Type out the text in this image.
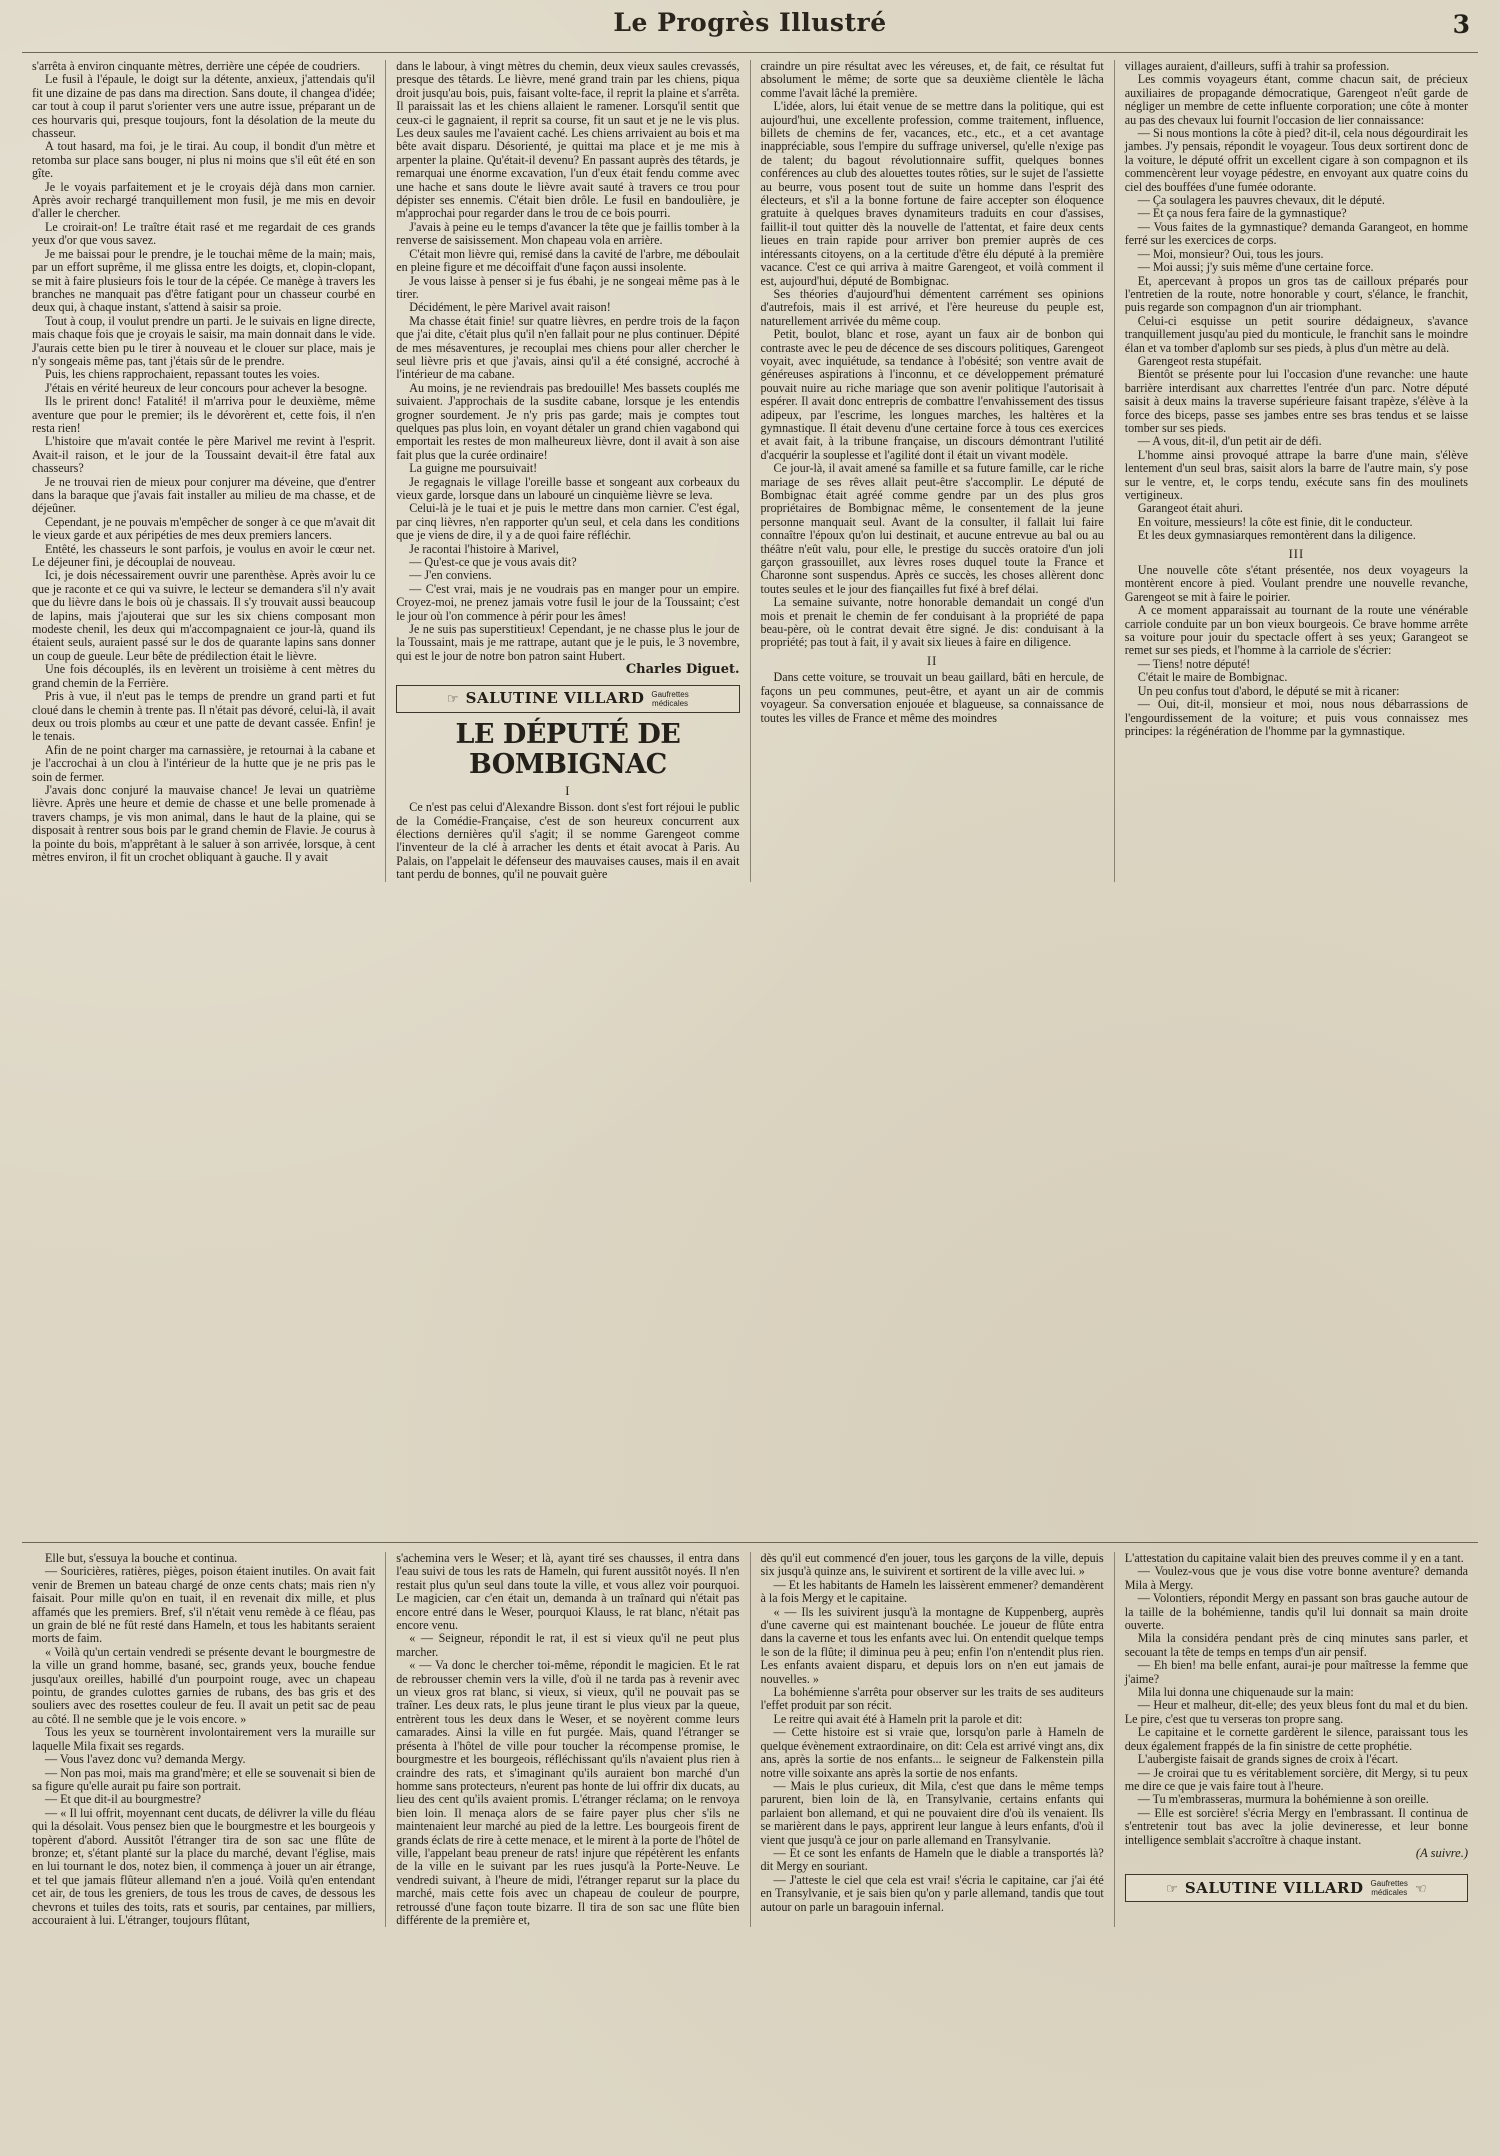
Le Progrès Illustré	3

s'arrêta à environ cinquante mètres, derrière une cépée de coudriers.

Le fusil à l'épaule, le doigt sur la détente, anxieux, j'attendais qu'il fit une dizaine de pas dans ma direction. Sans doute, il changea d'idée; car tout à coup il parut s'orienter vers une autre issue, préparant un de ces hourvaris qui, presque toujours, font la désolation de la meute du chasseur.

A tout hasard, ma foi, je le tirai. Au coup, il bondit d'un mètre et retomba sur place sans bouger, ni plus ni moins que s'il eût été en son gîte.

Je le voyais parfaitement et je le croyais déjà dans mon carnier. Après avoir rechargé tranquillement mon fusil, je me mis en devoir d'aller le chercher.

Le croirait-on! Le traître était rasé et me regardait de ces grands yeux d'or que vous savez.

Je me baissai pour le prendre, je le touchai même de la main; mais, par un effort suprême, il me glissa entre les doigts, et, clopin-clopant, se mit à faire plusieurs fois le tour de la cépée. Ce manège à travers les branches ne manquait pas d'être fatigant pour un chasseur courbé en deux qui, à chaque instant, s'attend à saisir sa proie.

Tout à coup, il voulut prendre un parti. Je le suivais en ligne directe, mais chaque fois que je croyais le saisir, ma main donnait dans le vide. J'aurais cette bien pu le tirer à nouveau et le clouer sur place, mais je n'y songeais même pas, tant j'étais sûr de le prendre.

Puis, les chiens rapprochaient, repassant toutes les voies.

J'étais en vérité heureux de leur concours pour achever la besogne.

Ils le prirent donc! Fatalité! il m'arriva pour le deuxième, même aventure que pour le premier; ils le dévorèrent et, cette fois, il n'en resta rien!

L'histoire que m'avait contée le père Marivel me revint à l'esprit. Avait-il raison, et le jour de la Toussaint devait-il être fatal aux chasseurs?

Je ne trouvai rien de mieux pour conjurer ma déveine, que d'entrer dans la baraque que j'avais fait installer au milieu de ma chasse, et de déjeûner.

Cependant, je ne pouvais m'empêcher de songer à ce que m'avait dit le vieux garde et aux péripéties de mes deux premiers lancers.

Entêté, les chasseurs le sont parfois, je voulus en avoir le cœur net. Le déjeuner fini, je découplai de nouveau.

Ici, je dois nécessairement ouvrir une parenthèse. Après avoir lu ce que je raconte et ce qui va suivre, le lecteur se demandera s'il n'y avait que du lièvre dans le bois où je chassais. Il s'y trouvait aussi beaucoup de lapins, mais j'ajouterai que sur les six chiens composant mon modeste chenil, les deux qui m'accompagnaient ce jour-là, quand ils étaient seuls, auraient passé sur le dos de quarante lapins sans donner un coup de gueule. Leur bête de prédilection était le lièvre.

Une fois découplés, ils en levèrent un troisième à cent mètres du grand chemin de la Ferrière.

Pris à vue, il n'eut pas le temps de prendre un grand parti et fut cloué dans le chemin à trente pas. Il n'était pas dévoré, celui-là, il avait deux ou trois plombs au cœur et une patte de devant cassée. Enfin! je le tenais.

Afin de ne point charger ma carnassière, je retournai à la cabane et je l'accrochai à un clou à l'intérieur de la hutte que je ne pris pas le soin de fermer.

J'avais donc conjuré la mauvaise chance! Je levai un quatrième lièvre. Après une heure et demie de chasse et une belle promenade à travers champs, je vis mon animal, dans le haut de la plaine, qui se disposait à rentrer sous bois par le grand chemin de Flavie. Je courus à la pointe du bois, m'apprêtant à le saluer à son arrivée, lorsque, à cent mètres environ, il fit un crochet obliquant à gauche. Il y avait

dans le labour, à vingt mètres du chemin, deux vieux saules crevassés, presque des têtards. Le lièvre, mené grand train par les chiens, piqua droit jusqu'au bois, puis, faisant volte-face, il reprit la plaine et s'arrêta. Il paraissait las et les chiens allaient le ramener. Lorsqu'il sentit que ceux-ci le gagnaient, il reprit sa course, fit un saut et je ne le vis plus. Les deux saules me l'avaient caché. Les chiens arrivaient au bois et ma bête avait disparu. Désorienté, je quittai ma place et je me mis à arpenter la plaine. Qu'était-il devenu? En passant auprès des têtards, je remarquai une énorme excavation, l'un d'eux était fendu comme avec une hache et sans doute le lièvre avait sauté à travers ce trou pour dépister ses ennemis. C'était bien drôle. Le fusil en bandoulière, je m'approchai pour regarder dans le trou de ce bois pourri.

J'avais à peine eu le temps d'avancer la tête que je faillis tomber à la renverse de saisissement. Mon chapeau vola en arrière.

C'était mon lièvre qui, remisé dans la cavité de l'arbre, me déboulait en pleine figure et me décoiffait d'une façon aussi insolente.

Je vous laisse à penser si je fus ébahi, je ne songeai même pas à le tirer.

Décidément, le père Marivel avait raison!

Ma chasse était finie! sur quatre lièvres, en perdre trois de la façon que j'ai dite, c'était plus qu'il n'en fallait pour ne plus continuer. Dépité de mes mésaventures, je recouplai mes chiens pour aller chercher le seul lièvre pris et que j'avais, ainsi qu'il a été consigné, accroché à l'intérieur de ma cabane.

Au moins, je ne reviendrais pas bredouille! Mes bassets couplés me suivaient. J'approchais de la susdite cabane, lorsque je les entendis grogner sourdement. Je n'y pris pas garde; mais je comptes tout quelques pas plus loin, en voyant détaler un grand chien vagabond qui emportait les restes de mon malheureux lièvre, dont il avait à son aise fait plus que la curée ordinaire!

La guigne me poursuivait!

Je regagnais le village l'oreille basse et songeant aux corbeaux du vieux garde, lorsque dans un labouré un cinquième lièvre se leva.

Celui-là je le tuai et je puis le mettre dans mon carnier. C'est égal, par cinq lièvres, n'en rapporter qu'un seul, et cela dans les conditions que je viens de dire, il y a de quoi faire réfléchir.

Je racontai l'histoire à Marivel,

— Qu'est-ce que je vous avais dit?

— J'en conviens.

— C'est vrai, mais je ne voudrais pas en manger pour un empire. Croyez-moi, ne prenez jamais votre fusil le jour de la Toussaint; c'est le jour où l'on commence à périr pour les âmes!

Je ne suis pas superstitieux! Cependant, je ne chasse plus le jour de la Toussaint, mais je me rattrape, autant que je le puis, le 3 novembre, qui est le jour de notre bon patron saint Hubert.

Charles Diguet.

☞ SALUTINE VILLARD Gaufrettes
médicales
LE DÉPUTÉ DE BOMBIGNAC
I

Ce n'est pas celui d'Alexandre Bisson. dont s'est fort réjoui le public de la Comédie-Française, c'est de son heureux concurrent aux élections dernières qu'il s'agit; il se nomme Garengeot comme l'inventeur de la clé à arracher les dents et était avocat à Paris. Au Palais, on l'appelait le défenseur des mauvaises causes, mais il en avait tant perdu de bonnes, qu'il ne pouvait guère

craindre un pire résultat avec les véreuses, et, de fait, ce résultat fut absolument le même; de sorte que sa deuxième clientèle le lâcha comme l'avait lâché la première.

L'idée, alors, lui était venue de se mettre dans la politique, qui est aujourd'hui, une excellente profession, comme traitement, influence, billets de chemins de fer, vacances, etc., etc., et a cet avantage inappréciable, sous l'empire du suffrage universel, qu'elle n'exige pas de talent; du bagout révolutionnaire suffit, quelques bonnes conférences au club des alouettes toutes rôties, sur le sujet de l'assiette au beurre, vous posent tout de suite un homme dans l'esprit des électeurs, et s'il a la bonne fortune de faire accepter son éloquence gratuite à quelques braves dynamiteurs traduits en cour d'assises, faillit-il tout quitter dès la nouvelle de l'attentat, et faire deux cents lieues en train rapide pour arriver bon premier auprès de ces intéressants citoyens, on a la certitude d'être élu député à la première vacance. C'est ce qui arriva à maitre Garengeot, et voilà comment il est, aujourd'hui, député de Bombignac.

Ses théories d'aujourd'hui démentent carrément ses opinions d'autrefois, mais il est arrivé, et l'ère heureuse du peuple est, naturellement arrivée du même coup.

Petit, boulot, blanc et rose, ayant un faux air de bonbon qui contraste avec le peu de décence de ses discours politiques, Garengeot voyait, avec inquiétude, sa tendance à l'obésité; son ventre avait de généreuses aspirations à l'inconnu, et ce développement prématuré pouvait nuire au riche mariage que son avenir politique l'autorisait à espérer. Il avait donc entrepris de combattre l'envahissement des tissus adipeux, par l'escrime, les longues marches, les haltères et la gymnastique. Il était devenu d'une certaine force à tous ces exercices et avait fait, à la tribune française, un discours démontrant l'utilité d'acquérir la souplesse et l'agilité dont il était un vivant modèle.

Ce jour-là, il avait amené sa famille et sa future famille, car le riche mariage de ses rêves allait peut-être s'accomplir. Le député de Bombignac était agréé comme gendre par un des plus gros propriétaires de Bombignac même, le consentement de la jeune personne manquait seul. Avant de la consulter, il fallait lui faire connaître l'époux qu'on lui destinait, et aucune entrevue au bal ou au théâtre n'eût valu, pour elle, le prestige du succès oratoire d'un joli garçon grassouillet, aux lèvres roses duquel toute la France et Charonne sont suspendus. Après ce succès, les choses allèrent donc toutes seules et le jour des fiançailles fut fixé à bref délai.

La semaine suivante, notre honorable demandait un congé d'un mois et prenait le chemin de fer conduisant à la propriété de papa beau-père, où le contrat devait être signé. Je dis: conduisant à la propriété; pas tout à fait, il y avait six lieues à faire en diligence.

II

Dans cette voiture, se trouvait un beau gaillard, bâti en hercule, de façons un peu communes, peut-être, et ayant un air de commis voyageur. Sa conversation enjouée et blagueuse, sa connaissance de toutes les villes de France et même des moindres

villages auraient, d'ailleurs, suffi à trahir sa profession.

Les commis voyageurs étant, comme chacun sait, de précieux auxiliaires de propagande démocratique, Garengeot n'eût garde de négliger un membre de cette influente corporation; une côte à monter au pas des chevaux lui fournit l'occasion de lier connaissance:

— Si nous montions la côte à pied? dit-il, cela nous dégourdirait les jambes. J'y pensais, répondit le voyageur. Tous deux sortirent donc de la voiture, le député offrit un excellent cigare à son compagnon et ils commencèrent leur voyage pédestre, en envoyant aux quatre coins du ciel des bouffées d'une fumée odorante.

— Ça soulagera les pauvres chevaux, dit le député.

— Et ça nous fera faire de la gymnastique?

— Vous faites de la gymnastique? demanda Garangeot, en homme ferré sur les exercices de corps.

— Moi, monsieur? Oui, tous les jours.

— Moi aussi; j'y suis même d'une certaine force.

Et, apercevant à propos un gros tas de cailloux préparés pour l'entretien de la route, notre honorable y court, s'élance, le franchit, puis regarde son compagnon d'un air triomphant.

Celui-ci esquisse un petit sourire dédaigneux, s'avance tranquillement jusqu'au pied du monticule, le franchit sans le moindre élan et va tomber d'aplomb sur ses pieds, à plus d'un mètre au delà.

Garengeot resta stupéfait.

Bientôt se présente pour lui l'occasion d'une revanche: une haute barrière interdisant aux charrettes l'entrée d'un parc. Notre député saisit à deux mains la traverse supérieure faisant trapèze, s'élève à la force des biceps, passe ses jambes entre ses bras tendus et se laisse tomber sur ses pieds.

— A vous, dit-il, d'un petit air de défi.

L'homme ainsi provoqué attrape la barre d'une main, s'élève lentement d'un seul bras, saisit alors la barre de l'autre main, s'y pose sur le ventre, et, le corps tendu, exécute sans fin des moulinets vertigineux.

Garangeot était ahuri.

En voiture, messieurs! la côte est finie, dit le conducteur.

Et les deux gymnasiarques remontèrent dans la diligence.

III

Une nouvelle côte s'étant présentée, nos deux voyageurs la montèrent encore à pied. Voulant prendre une nouvelle revanche, Garengeot se mit à faire le poirier.

A ce moment apparaissait au tournant de la route une vénérable carriole conduite par un bon vieux bourgeois. Ce brave homme arrête sa voiture pour jouir du spectacle offert à ses yeux; Garangeot se remet sur ses pieds, et l'homme à la carriole de s'écrier:

— Tiens! notre député!

C'était le maire de Bombignac.

Un peu confus tout d'abord, le député se mit à ricaner:

— Oui, dit-il, monsieur et moi, nous nous débarrassions de l'engourdissement de la voiture; et puis vous connaissez mes principes: la régénération de l'homme par la gymnastique.

Elle but, s'essuya la bouche et continua.

— Souricières, ratières, pièges, poison étaient inutiles. On avait fait venir de Bremen un bateau chargé de onze cents chats; mais rien n'y faisait. Pour mille qu'on en tuait, il en revenait dix mille, et plus affamés que les premiers. Bref, s'il n'était venu remède à ce fléau, pas un grain de blé ne fût resté dans Hameln, et tous les habitants seraient morts de faim.

« Voilà qu'un certain vendredi se présente devant le bourgmestre de la ville un grand homme, basané, sec, grands yeux, bouche fendue jusqu'aux oreilles, habillé d'un pourpoint rouge, avec un chapeau pointu, de grandes culottes garnies de rubans, des bas gris et des souliers avec des rosettes couleur de feu. Il avait un petit sac de peau au côté. Il ne semble que je le vois encore. »

Tous les yeux se tournèrent involontairement vers la muraille sur laquelle Mila fixait ses regards.

— Vous l'avez donc vu? demanda Mergy.

— Non pas moi, mais ma grand'mère; et elle se souvenait si bien de sa figure qu'elle aurait pu faire son portrait.

— Et que dit-il au bourgmestre?

— « Il lui offrit, moyennant cent ducats, de délivrer la ville du fléau qui la désolait. Vous pensez bien que le bourgmestre et les bourgeois y topèrent d'abord. Aussitôt l'étranger tira de son sac une flûte de bronze; et, s'étant planté sur la place du marché, devant l'église, mais en lui tournant le dos, notez bien, il commença à jouer un air étrange, et tel que jamais flûteur allemand n'en a joué. Voilà qu'en entendant cet air, de tous les greniers, de tous les trous de caves, de dessous les chevrons et tuiles des toits, rats et souris, par centaines, par milliers, accouraient à lui. L'étranger, toujours flûtant,

s'achemina vers le Weser; et là, ayant tiré ses chausses, il entra dans l'eau suivi de tous les rats de Hameln, qui furent aussitôt noyés. Il n'en restait plus qu'un seul dans toute la ville, et vous allez voir pourquoi. Le magicien, car c'en était un, demanda à un traînard qui n'était pas encore entré dans le Weser, pourquoi Klauss, le rat blanc, n'était pas encore venu.

« — Seigneur, répondit le rat, il est si vieux qu'il ne peut plus marcher.

« — Va donc le chercher toi-même, répondit le magicien. Et le rat de rebrousser chemin vers la ville, d'où il ne tarda pas à revenir avec un vieux gros rat blanc, si vieux, si vieux, qu'il ne pouvait pas se traîner. Les deux rats, le plus jeune tirant le plus vieux par la queue, entrèrent tous les deux dans le Weser, et se noyèrent comme leurs camarades. Ainsi la ville en fut purgée. Mais, quand l'étranger se présenta à l'hôtel de ville pour toucher la récompense promise, le bourgmestre et les bourgeois, réfléchissant qu'ils n'avaient plus rien à craindre des rats, et s'imaginant qu'ils auraient bon marché d'un homme sans protecteurs, n'eurent pas honte de lui offrir dix ducats, au lieu des cent qu'ils avaient promis. L'étranger réclama; on le renvoya bien loin. Il menaça alors de se faire payer plus cher s'ils ne maintenaient leur marché au pied de la lettre. Les bourgeois firent de grands éclats de rire à cette menace, et le mirent à la porte de l'hôtel de ville, l'appelant beau preneur de rats! injure que répétèrent les enfants de la ville en le suivant par les rues jusqu'à la Porte-Neuve. Le vendredi suivant, à l'heure de midi, l'étranger reparut sur la place du marché, mais cette fois avec un chapeau de couleur de pourpre, retroussé d'une façon toute bizarre. Il tira de son sac une flûte bien différente de la première et,

dès qu'il eut commencé d'en jouer, tous les garçons de la ville, depuis six jusqu'à quinze ans, le suivirent et sortirent de la ville avec lui. »

— Et les habitants de Hameln les laissèrent emmener? demandèrent à la fois Mergy et le capitaine.

« — Ils les suivirent jusqu'à la montagne de Kuppenberg, auprès d'une caverne qui est maintenant bouchée. Le joueur de flûte entra dans la caverne et tous les enfants avec lui. On entendit quelque temps le son de la flûte; il diminua peu à peu; enfin l'on n'entendit plus rien. Les enfants avaient disparu, et depuis lors on n'en eut jamais de nouvelles. »

La bohémienne s'arrêta pour observer sur les traits de ses auditeurs l'effet produit par son récit.

Le reitre qui avait été à Hameln prit la parole et dit:

— Cette histoire est si vraie que, lorsqu'on parle à Hameln de quelque évènement extraordinaire, on dit: Cela est arrivé vingt ans, dix ans, après la sortie de nos enfants... le seigneur de Falkenstein pilla notre ville soixante ans après la sortie de nos enfants.

— Mais le plus curieux, dit Mila, c'est que dans le même temps parurent, bien loin de là, en Transylvanie, certains enfants qui parlaient bon allemand, et qui ne pouvaient dire d'où ils venaient. Ils se marièrent dans le pays, apprirent leur langue à leurs enfants, d'où il vient que jusqu'à ce jour on parle allemand en Transylvanie.

— Et ce sont les enfants de Hameln que le diable a transportés là? dit Mergy en souriant.

— J'atteste le ciel que cela est vrai! s'écria le capitaine, car j'ai été en Transylvanie, et je sais bien qu'on y parle allemand, tandis que tout autour on parle un baragouin infernal.

L'attestation du capitaine valait bien des preuves comme il y en a tant.

— Voulez-vous que je vous dise votre bonne aventure? demanda Mila à Mergy.

— Volontiers, répondit Mergy en passant son bras gauche autour de la taille de la bohémienne, tandis qu'il lui donnait sa main droite ouverte.

Mila la considéra pendant près de cinq minutes sans parler, et secouant la tête de temps en temps d'un air pensif.

— Eh bien! ma belle enfant, aurai-je pour maîtresse la femme que j'aime?

Mila lui donna une chiquenaude sur la main:

— Heur et malheur, dit-elle; des yeux bleus font du mal et du bien. Le pire, c'est que tu verseras ton propre sang.

Le capitaine et le cornette gardèrent le silence, paraissant tous les deux également frappés de la fin sinistre de cette prophétie.

L'aubergiste faisait de grands signes de croix à l'écart.

— Je croirai que tu es véritablement sorcière, dit Mergy, si tu peux me dire ce que je vais faire tout à l'heure.

— Tu m'embrasseras, murmura la bohémienne à son oreille.

— Elle est sorcière! s'écria Mergy en l'embrassant. Il continua de s'entretenir tout bas avec la jolie devineresse, et leur bonne intelligence semblait s'accroître à chaque instant.

(A suivre.)

☞ SALUTINE VILLARD Gaufrettes
médicales ☜
